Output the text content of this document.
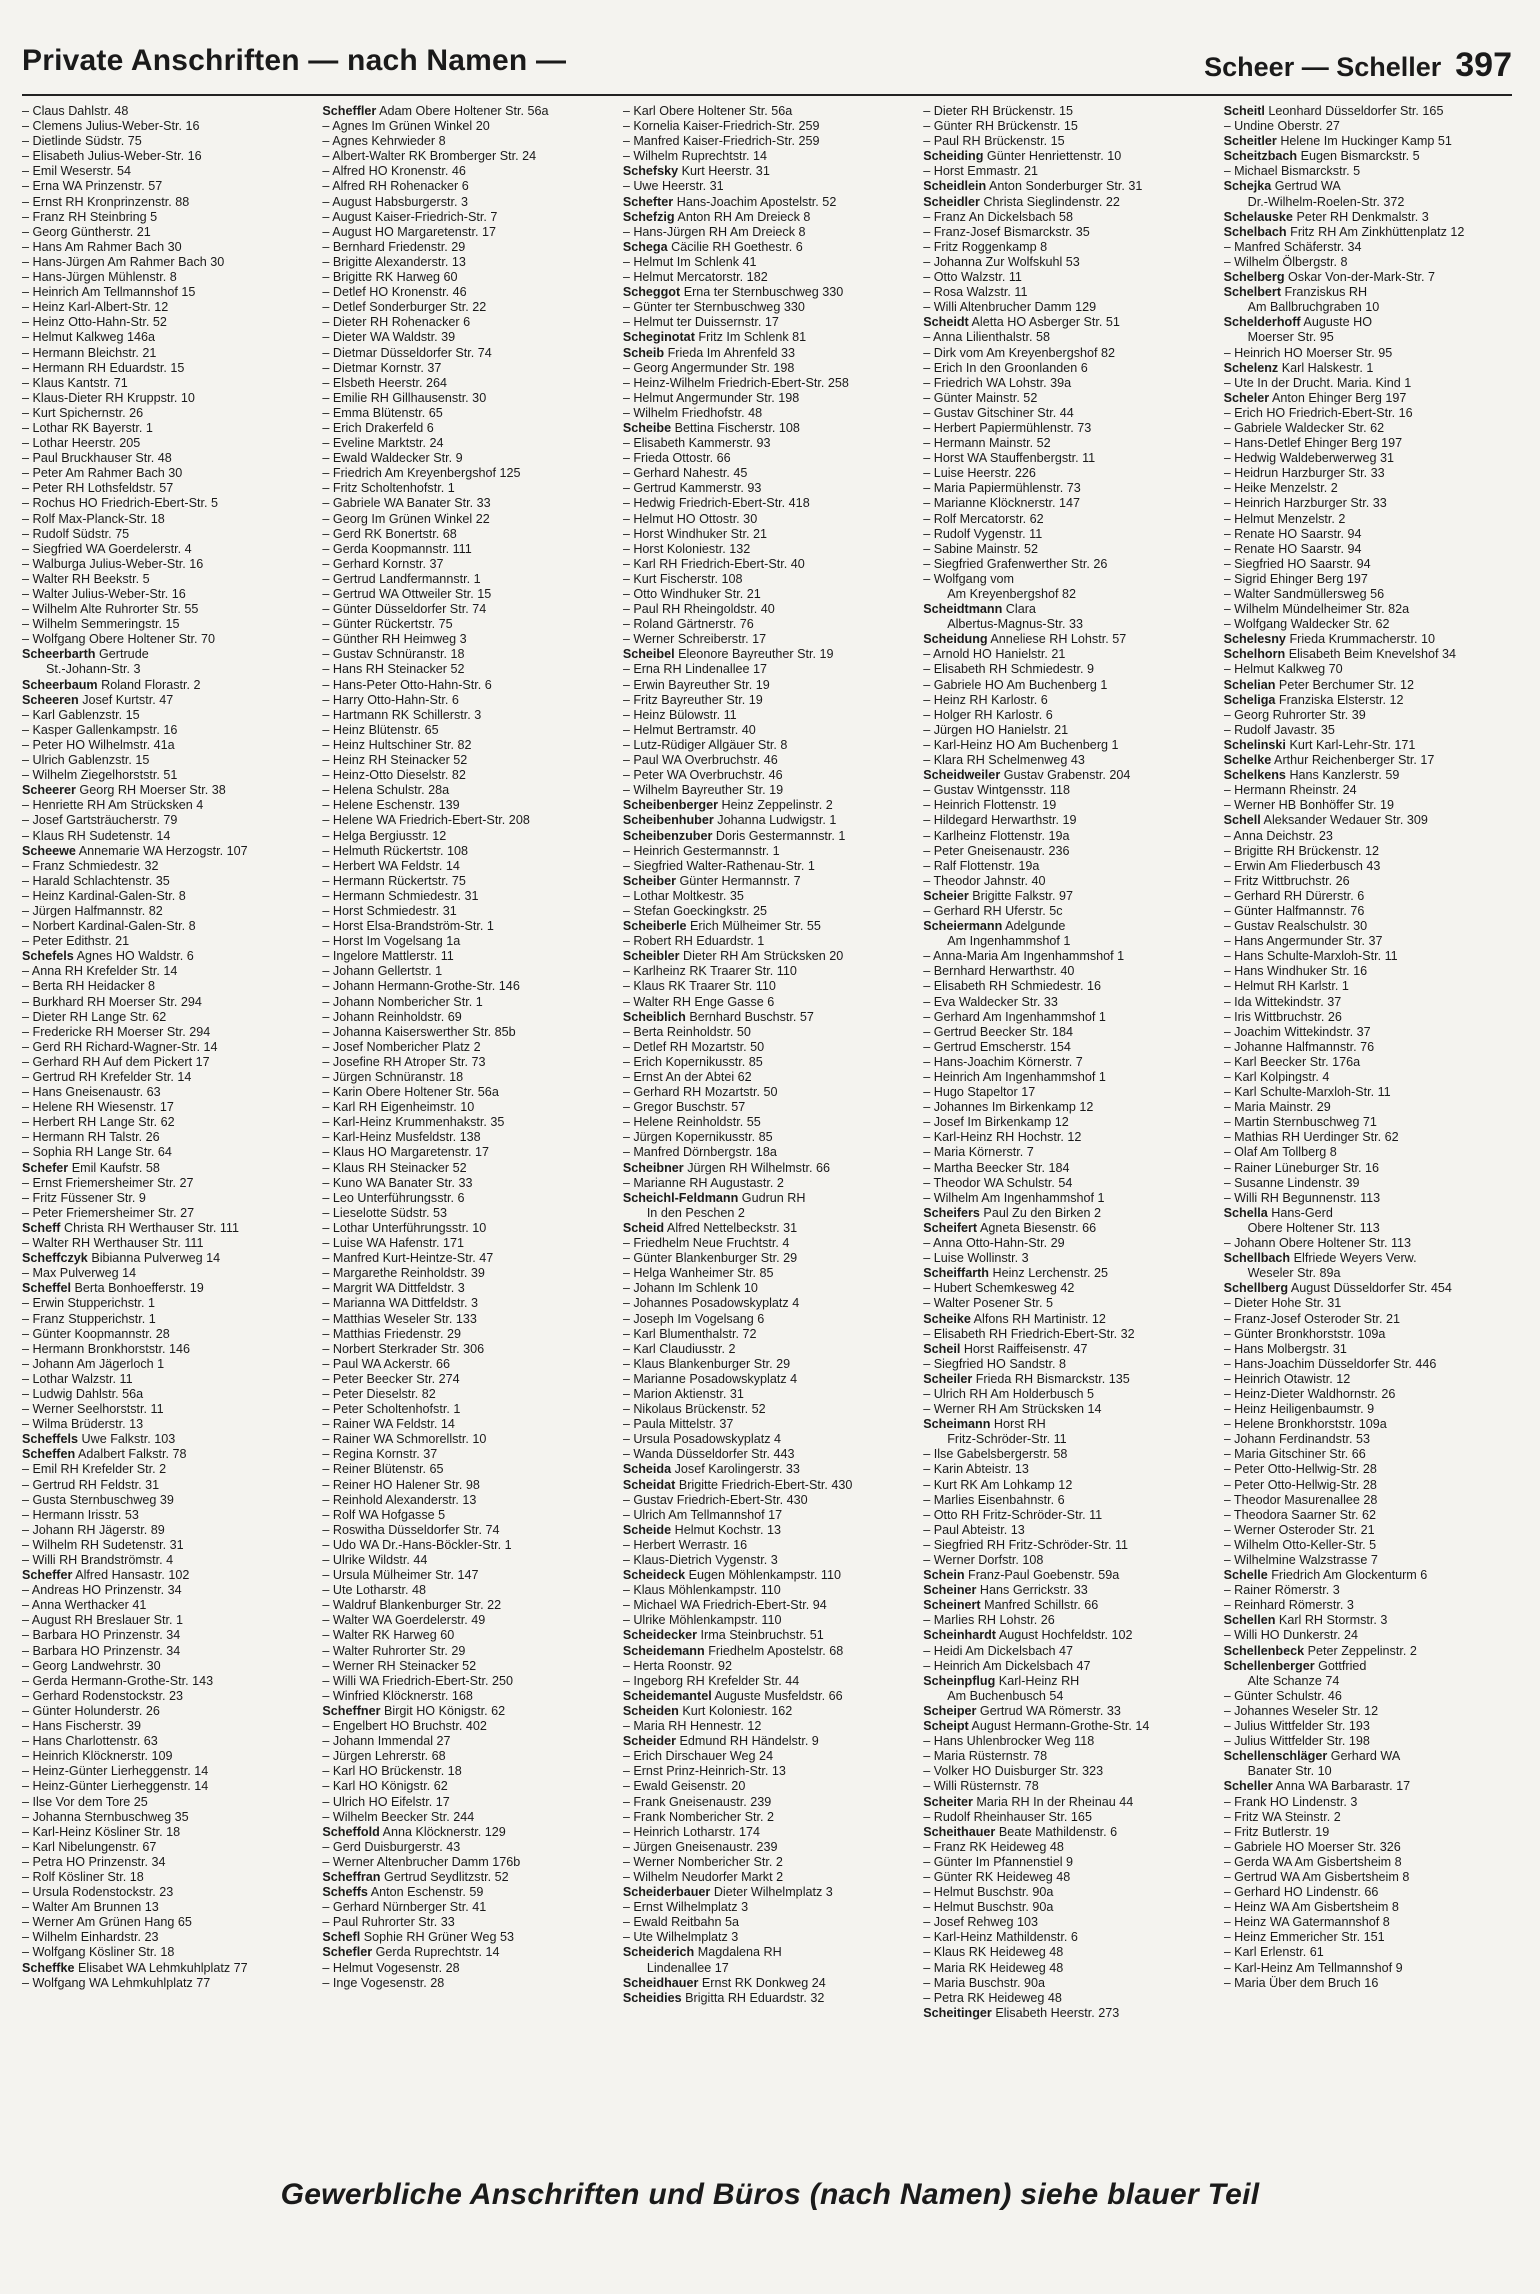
Private Anschriften — nach Namen —	Scheer — Scheller 397
– Claus Dahlstr. 48
– Clemens Julius-Weber-Str. 16
– Dietlinde Südstr. 75
– Elisabeth Julius-Weber-Str. 16
– Emil Weserstr. 54
– Erna WA Prinzenstr. 57
– Ernst RH Kronprinzenstr. 88
– Franz RH Steinbring 5
– Georg Güntherstr. 21
– Hans Am Rahmer Bach 30
– Hans-Jürgen Am Rahmer Bach 30
– Hans-Jürgen Mühlenstr. 8
– Heinrich Am Tellmannshof 15
– Heinz Karl-Albert-Str. 12
– Heinz Otto-Hahn-Str. 52
– Helmut Kalkweg 146a
– Hermann Bleichstr. 21
– Hermann RH Eduardstr. 15
– Klaus Kantstr. 71
– Klaus-Dieter RH Kruppstr. 10
– Kurt Spichernstr. 26
– Lothar RK Bayerstr. 1
– Lothar Heerstr. 205
– Paul Bruckhauser Str. 48
– Peter Am Rahmer Bach 30
– Peter RH Lothsfeldstr. 57
– Rochus HO Friedrich-Ebert-Str. 5
– Rolf Max-Planck-Str. 18
– Rudolf Südstr. 75
– Siegfried WA Goerdelerstr. 4
– Walburga Julius-Weber-Str. 16
– Walter RH Beekstr. 5
– Walter Julius-Weber-Str. 16
– Wilhelm Alte Ruhrorter Str. 55
– Wilhelm Semmeringstr. 15
– Wolfgang Obere Holtener Str. 70
Scheerbarth Gertrude
St.-Johann-Str. 3
Scheerbaum Roland Florastr. 2
Scheeren Josef Kurtstr. 47
– Karl Gablenzstr. 15
– Kasper Gallenkampstr. 16
– Peter HO Wilhelmstr. 41a
– Ulrich Gablenzstr. 15
– Wilhelm Ziegelhorststr. 51
Scheerer Georg RH Moerser Str. 38
– Henriette RH Am Strücksken 4
– Josef Gartsträucherstr. 79
– Klaus RH Sudetenstr. 14
Scheewe Annemarie WA Herzogstr. 107
– Franz Schmiedestr. 32
– Harald Schlachtenstr. 35
– Heinz Kardinal-Galen-Str. 8
– Jürgen Halfmannstr. 82
– Norbert Kardinal-Galen-Str. 8
– Peter Edithstr. 21
Schefels Agnes HO Waldstr. 6
– Anna RH Krefelder Str. 14
– Berta RH Heidacker 8
– Burkhard RH Moerser Str. 294
– Dieter RH Lange Str. 62
– Fredericke RH Moerser Str. 294
– Gerd RH Richard-Wagner-Str. 14
– Gerhard RH Auf dem Pickert 17
– Gertrud RH Krefelder Str. 14
– Hans Gneisenaustr. 63
– Helene RH Wiesenstr. 17
– Herbert RH Lange Str. 62
– Hermann RH Talstr. 26
– Sophia RH Lange Str. 64
Schefer Emil Kaufstr. 58
– Ernst Friemersheimer Str. 27
– Fritz Füssener Str. 9
– Peter Friemersheimer Str. 27
Scheff Christa RH Werthauser Str. 111
– Walter RH Werthauser Str. 111
Scheffczyk Bibianna Pulverweg 14
– Max Pulverweg 14
Scheffel Berta Bonhoefferstr. 19
– Erwin Stupperichstr. 1
– Franz Stupperichstr. 1
– Günter Koopmannstr. 28
– Hermann Bronkhorststr. 146
– Johann Am Jägerloch 1
– Lothar Walzstr. 11
– Ludwig Dahlstr. 56a
– Werner Seelhorststr. 11
– Wilma Brüderstr. 13
Scheffels Uwe Falkstr. 103
Scheffen Adalbert Falkstr. 78
– Emil RH Krefelder Str. 2
– Gertrud RH Feldstr. 31
– Gusta Sternbuschweg 39
– Hermann Irisstr. 53
– Johann RH Jägerstr. 89
– Wilhelm RH Sudetenstr. 31
– Willi RH Brandströmstr. 4
Scheffer Alfred Hansastr. 102
– Andreas HO Prinzenstr. 34
– Anna Werthacker 41
– August RH Breslauer Str. 1
– Barbara HO Prinzenstr. 34
– Barbara HO Prinzenstr. 34
– Georg Landwehrstr. 30
– Gerda Hermann-Grothe-Str. 143
– Gerhard Rodenstockstr. 23
– Günter Holunderstr. 26
– Hans Fischerstr. 39
– Hans Charlottenstr. 63
– Heinrich Klöcknerstr. 109
– Heinz-Günter Lierheggenstr. 14
– Heinz-Günter Lierheggenstr. 14
– Ilse Vor dem Tore 25
– Johanna Sternbuschweg 35
– Karl-Heinz Kösliner Str. 18
– Karl Nibelungenstr. 67
– Petra HO Prinzenstr. 34
– Rolf Kösliner Str. 18
– Ursula Rodenstockstr. 23
– Walter Am Brunnen 13
– Werner Am Grünen Hang 65
– Wilhelm Einhardstr. 23
– Wolfgang Kösliner Str. 18
Scheffke Elisabet WA Lehmkuhlplatz 77
– Wolfgang WA Lehmkuhlplatz 77
Scheffler Adam Obere Holtener Str. 56a
– Agnes Im Grünen Winkel 20
– Agnes Kehrwieder 8
– Albert-Walter RK Bromberger Str. 24
– Alfred HO Kronenstr. 46
– Alfred RH Rohenacker 6
– August Habsburgerstr. 3
– August Kaiser-Friedrich-Str. 7
– August HO Margaretenstr. 17
– Bernhard Friedenstr. 29
– Brigitte Alexanderstr. 13
– Brigitte RK Harweg 60
– Detlef HO Kronenstr. 46
– Detlef Sonderburger Str. 22
– Dieter RH Rohenacker 6
– Dieter WA Waldstr. 39
– Dietmar Düsseldorfer Str. 74
– Dietmar Kornstr. 37
– Elsbeth Heerstr. 264
– Emilie RH Gillhausenstr. 30
– Emma Blütenstr. 65
– Erich Drakerfeld 6
– Eveline Marktstr. 24
– Ewald Waldecker Str. 9
– Friedrich Am Kreyenbergshof 125
– Fritz Scholtenhofstr. 1
– Gabriele WA Banater Str. 33
– Georg Im Grünen Winkel 22
– Gerd RK Bonertstr. 68
– Gerda Koopmannstr. 111
– Gerhard Kornstr. 37
– Gertrud Landfermannstr. 1
– Gertrud WA Ottweiler Str. 15
– Günter Düsseldorfer Str. 74
– Günter Rückertstr. 75
– Günther RH Heimweg 3
– Gustav Schnüranstr. 18
– Hans RH Steinacker 52
– Hans-Peter Otto-Hahn-Str. 6
– Harry Otto-Hahn-Str. 6
– Hartmann RK Schillerstr. 3
– Heinz Blütenstr. 65
– Heinz Hultschiner Str. 82
– Heinz RH Steinacker 52
– Heinz-Otto Dieselstr. 82
– Helena Schulstr. 28a
– Helene Eschenstr. 139
– Helene WA Friedrich-Ebert-Str. 208
– Helga Bergiusstr. 12
– Helmuth Rückertstr. 108
– Herbert WA Feldstr. 14
– Hermann Rückertstr. 75
– Hermann Schmiedestr. 31
– Horst Schmiedestr. 31
– Horst Elsa-Brandström-Str. 1
– Horst Im Vogelsang 1a
– Ingelore Mattlerstr. 11
– Johann Gellertstr. 1
– Johann Hermann-Grothe-Str. 146
– Johann Nombericher Str. 1
– Johann Reinholdstr. 69
– Johanna Kaiserswerther Str. 85b
– Josef Nombericher Platz 2
– Josefine RH Atroper Str. 73
– Jürgen Schnüranstr. 18
– Karin Obere Holtener Str. 56a
– Karl RH Eigenheimstr. 10
– Karl-Heinz Krummenhakstr. 35
– Karl-Heinz Musfeldstr. 138
– Klaus HO Margaretenstr. 17
– Klaus RH Steinacker 52
– Kuno WA Banater Str. 33
– Leo Unterführungsstr. 6
– Lieselotte Südstr. 53
– Lothar Unterführungsstr. 10
– Luise WA Hafenstr. 171
– Manfred Kurt-Heintze-Str. 47
– Margarethe Reinholdstr. 39
– Margrit WA Dittfeldstr. 3
– Marianna WA Dittfeldstr. 3
– Matthias Weseler Str. 133
– Matthias Friedenstr. 29
– Norbert Sterkrader Str. 306
– Paul WA Ackerstr. 66
– Peter Beecker Str. 274
– Peter Dieselstr. 82
– Peter Scholtenhofstr. 1
– Rainer WA Feldstr. 14
– Rainer WA Schmorellstr. 10
– Regina Kornstr. 37
– Reiner Blütenstr. 65
– Reiner HO Halener Str. 98
– Reinhold Alexanderstr. 13
– Rolf WA Hofgasse 5
– Roswitha Düsseldorfer Str. 74
– Udo WA Dr.-Hans-Böckler-Str. 1
– Ulrike Wildstr. 44
– Ursula Mülheimer Str. 147
– Ute Lotharstr. 48
– Waldruf Blankenburger Str. 22
– Walter WA Goerdelerstr. 49
– Walter RK Harweg 60
– Walter Ruhrorter Str. 29
– Werner RH Steinacker 52
– Willi WA Friedrich-Ebert-Str. 250
– Winfried Klöcknerstr. 168
Scheffner Birgit HO Königstr. 62
– Engelbert HO Bruchstr. 402
– Johann Immendal 27
– Jürgen Lehrerstr. 68
– Karl HO Brückenstr. 18
– Karl HO Königstr. 62
– Ulrich HO Eifelstr. 17
– Wilhelm Beecker Str. 244
Scheffold Anna Klöcknerstr. 129
– Gerd Duisburgerstr. 43
– Werner Altenbrucher Damm 176b
Scheffran Gertrud Seydlitzstr. 52
Scheffs Anton Eschenstr. 59
– Gerhard Nürnberger Str. 41
– Paul Ruhrorter Str. 33
Schefl Sophie RH Grüner Weg 53
Schefler Gerda Ruprechtstr. 14
– Helmut Vogesenstr. 28
– Inge Vogesenstr. 28
– Karl Obere Holtener Str. 56a
– Kornelia Kaiser-Friedrich-Str. 259
– Manfred Kaiser-Friedrich-Str. 259
– Wilhelm Ruprechtstr. 14
Schefsky Kurt Heerstr. 31
– Uwe Heerstr. 31
Schefter Hans-Joachim Apostelstr. 52
Schefzig Anton RH Am Dreieck 8
– Hans-Jürgen RH Am Dreieck 8
Schega Cäcilie RH Goethestr. 6
– Helmut Im Schlenk 41
– Helmut Mercatorstr. 182
Scheggot Erna ter Sternbuschweg 330
– Günter ter Sternbuschweg 330
– Helmut ter Duissernstr. 17
Scheginotat Fritz Im Schlenk 81
Scheib Frieda Im Ahrenfeld 33
– Georg Angermunder Str. 198
– Heinz-Wilhelm Friedrich-Ebert-Str. 258
– Helmut Angermunder Str. 198
– Wilhelm Friedhofstr. 48
Scheibe Bettina Fischerstr. 108
– Elisabeth Kammerstr. 93
– Frieda Ottostr. 66
– Gerhard Nahestr. 45
– Gertrud Kammerstr. 93
– Hedwig Friedrich-Ebert-Str. 418
– Helmut HO Ottostr. 30
– Horst Windhuker Str. 21
– Horst Koloniestr. 132
– Karl RH Friedrich-Ebert-Str. 40
– Kurt Fischerstr. 108
– Otto Windhuker Str. 21
– Paul RH Rheingoldstr. 40
– Roland Gärtnerstr. 76
– Werner Schreiberstr. 17
Scheibel Eleonore Bayreuther Str. 19
– Erna RH Lindenallee 17
– Erwin Bayreuther Str. 19
– Fritz Bayreuther Str. 19
– Heinz Bülowstr. 11
– Helmut Bertramstr. 40
– Lutz-Rüdiger Allgäuer Str. 8
– Paul WA Overbruchstr. 46
– Peter WA Overbruchstr. 46
– Wilhelm Bayreuther Str. 19
Scheibenberger Heinz Zeppelinstr. 2
Scheibenhuber Johanna Ludwigstr. 1
Scheibenzuber Doris Gestermannstr. 1
– Heinrich Gestermannstr. 1
– Siegfried Walter-Rathenau-Str. 1
Scheiber Günter Hermannstr. 7
– Lothar Moltkestr. 35
– Stefan Goeckingkstr. 25
Scheiberle Erich Mülheimer Str. 55
– Robert RH Eduardstr. 1
Scheibler Dieter RH Am Strücksken 20
– Karlheinz RK Traarer Str. 110
– Klaus RK Traarer Str. 110
– Walter RH Enge Gasse 6
Scheiblich Bernhard Buschstr. 57
– Berta Reinholdstr. 50
– Detlef RH Mozartstr. 50
– Erich Kopernikusstr. 85
– Ernst An der Abtei 62
– Gerhard RH Mozartstr. 50
– Gregor Buschstr. 57
– Helene Reinholdstr. 55
– Jürgen Kopernikusstr. 85
– Manfred Dörnbergstr. 18a
Scheibner Jürgen RH Wilhelmstr. 66
– Marianne RH Augustastr. 2
Scheichl-Feldmann Gudrun RH
In den Peschen 2
Scheid Alfred Nettelbeckstr. 31
– Friedhelm Neue Fruchtstr. 4
– Günter Blankenburger Str. 29
– Helga Wanheimer Str. 85
– Johann Im Schlenk 10
– Johannes Posadowskyplatz 4
– Joseph Im Vogelsang 6
– Karl Blumenthalstr. 72
– Karl Claudiusstr. 2
– Klaus Blankenburger Str. 29
– Marianne Posadowskyplatz 4
– Marion Aktienstr. 31
– Nikolaus Brückenstr. 52
– Paula Mittelstr. 37
– Ursula Posadowskyplatz 4
– Wanda Düsseldorfer Str. 443
Scheida Josef Karolingerstr. 33
Scheidat Brigitte Friedrich-Ebert-Str. 430
– Gustav Friedrich-Ebert-Str. 430
– Ulrich Am Tellmannshof 17
Scheide Helmut Kochstr. 13
– Herbert Werrastr. 16
– Klaus-Dietrich Vygenstr. 3
Scheideck Eugen Möhlenkampstr. 110
– Klaus Möhlenkampstr. 110
– Michael WA Friedrich-Ebert-Str. 94
– Ulrike Möhlenkampstr. 110
Scheidecker Irma Steinbruchstr. 51
Scheidemann Friedhelm Apostelstr. 68
– Herta Roonstr. 92
– Ingeborg RH Krefelder Str. 44
Scheidemantel Auguste Musfeldstr. 66
Scheiden Kurt Koloniestr. 162
– Maria RH Hennestr. 12
Scheider Edmund RH Händelstr. 9
– Erich Dirschauer Weg 24
– Ernst Prinz-Heinrich-Str. 13
– Ewald Geisenstr. 20
– Frank Gneisenaustr. 239
– Frank Nombericher Str. 2
– Heinrich Lotharstr. 174
– Jürgen Gneisenaustr. 239
– Werner Nombericher Str. 2
– Wilhelm Neudorfer Markt 2
Scheiderbauer Dieter Wilhelmplatz 3
– Ernst Wilhelmplatz 3
– Ewald Reitbahn 5a
– Ute Wilhelmplatz 3
Scheiderich Magdalena RH
Lindenallee 17
Scheidhauer Ernst RK Donkweg 24
Scheidies Brigitta RH Eduardstr. 32
– Dieter RH Brückenstr. 15
– Günter RH Brückenstr. 15
– Paul RH Brückenstr. 15
Scheiding Günter Henriettenstr. 10
– Horst Emmastr. 21
Scheidlein Anton Sonderburger Str. 31
Scheidler Christa Sieglindenstr. 22
– Franz An Dickelsbach 58
– Franz-Josef Bismarckstr. 35
– Fritz Roggenkamp 8
– Johanna Zur Wolfskuhl 53
– Otto Walzstr. 11
– Rosa Walzstr. 11
– Willi Altenbrucher Damm 129
Scheidt Aletta HO Asberger Str. 51
– Anna Lilienthalstr. 58
– Dirk vom Am Kreyenbergshof 82
– Erich In den Groonlanden 6
– Friedrich WA Lohstr. 39a
– Günter Mainstr. 52
– Gustav Gitschiner Str. 44
– Herbert Papiermühlenstr. 73
– Hermann Mainstr. 52
– Horst WA Stauffenbergstr. 11
– Luise Heerstr. 226
– Maria Papiermühlenstr. 73
– Marianne Klöcknerstr. 147
– Rolf Mercatorstr. 62
– Rudolf Vygenstr. 11
– Sabine Mainstr. 52
– Siegfried Grafenwerther Str. 26
– Wolfgang vom
Am Kreyenbergshof 82
Scheidtmann Clara
Albertus-Magnus-Str. 33
Scheidung Anneliese RH Lohstr. 57
– Arnold HO Hanielstr. 21
– Elisabeth RH Schmiedestr. 9
– Gabriele HO Am Buchenberg 1
– Heinz RH Karlostr. 6
– Holger RH Karlostr. 6
– Jürgen HO Hanielstr. 21
– Karl-Heinz HO Am Buchenberg 1
– Klara RH Schelmenweg 43
Scheidweiler Gustav Grabenstr. 204
– Gustav Wintgensstr. 118
– Heinrich Flottenstr. 19
– Hildegard Herwarthstr. 19
– Karlheinz Flottenstr. 19a
– Peter Gneisenaustr. 236
– Ralf Flottenstr. 19a
– Theodor Jahnstr. 40
Scheier Brigitte Falkstr. 97
– Gerhard RH Uferstr. 5c
Scheiermann Adelgunde
Am Ingenhammshof 1
– Anna-Maria Am Ingenhammshof 1
– Bernhard Herwarthstr. 40
– Elisabeth RH Schmiedestr. 16
– Eva Waldecker Str. 33
– Gerhard Am Ingenhammshof 1
– Gertrud Beecker Str. 184
– Gertrud Emscherstr. 154
– Hans-Joachim Körnerstr. 7
– Heinrich Am Ingenhammshof 1
– Hugo Stapeltor 17
– Johannes Im Birkenkamp 12
– Josef Im Birkenkamp 12
– Karl-Heinz RH Hochstr. 12
– Maria Körnerstr. 7
– Martha Beecker Str. 184
– Theodor WA Schulstr. 54
– Wilhelm Am Ingenhammshof 1
Scheifers Paul Zu den Birken 2
Scheifert Agneta Biesenstr. 66
– Anna Otto-Hahn-Str. 29
– Luise Wollinstr. 3
Scheiffarth Heinz Lerchenstr. 25
– Hubert Schemkesweg 42
– Walter Posener Str. 5
Scheike Alfons RH Martinistr. 12
– Elisabeth RH Friedrich-Ebert-Str. 32
Scheil Horst Raiffeisenstr. 47
– Siegfried HO Sandstr. 8
Scheiler Frieda RH Bismarckstr. 135
– Ulrich RH Am Holderbusch 5
– Werner RH Am Strücksken 14
Scheimann Horst RH
Fritz-Schröder-Str. 11
– Ilse Gabelsbergerstr. 58
– Karin Abteistr. 13
– Kurt RK Am Lohkamp 12
– Marlies Eisenbahnstr. 6
– Otto RH Fritz-Schröder-Str. 11
– Paul Abteistr. 13
– Siegfried RH Fritz-Schröder-Str. 11
– Werner Dorfstr. 108
Schein Franz-Paul Goebenstr. 59a
Scheiner Hans Gerrickstr. 33
Scheinert Manfred Schillstr. 66
– Marlies RH Lohstr. 26
Scheinhardt August Hochfeldstr. 102
– Heidi Am Dickelsbach 47
– Heinrich Am Dickelsbach 47
Scheinpflug Karl-Heinz RH
Am Buchenbusch 54
Scheiper Gertrud WA Römerstr. 33
Scheipt August Hermann-Grothe-Str. 14
– Hans Uhlenbrocker Weg 118
– Maria Rüsternstr. 78
– Volker HO Duisburger Str. 323
– Willi Rüsternstr. 78
Scheiter Maria RH In der Rheinau 44
– Rudolf Rheinhauser Str. 165
Scheithauer Beate Mathildenstr. 6
– Franz RK Heideweg 48
– Günter Im Pfannenstiel 9
– Günter RK Heideweg 48
– Helmut Buschstr. 90a
– Helmut Buschstr. 90a
– Josef Rehweg 103
– Karl-Heinz Mathildenstr. 6
– Klaus RK Heideweg 48
– Maria RK Heideweg 48
– Maria Buschstr. 90a
– Petra RK Heideweg 48
Scheitinger Elisabeth Heerstr. 273
Scheitl Leonhard Düsseldorfer Str. 165
– Undine Oberstr. 27
Scheitler Helene Im Huckinger Kamp 51
Scheitzbach Eugen Bismarckstr. 5
– Michael Bismarckstr. 5
Schejka Gertrud WA
Dr.-Wilhelm-Roelen-Str. 372
Schelauske Peter RH Denkmalstr. 3
Schelbach Fritz RH Am Zinkhüttenplatz 12
– Manfred Schäferstr. 34
– Wilhelm Ölbergstr. 8
Schelberg Oskar Von-der-Mark-Str. 7
Schelbert Franziskus RH
Am Ballbruchgraben 10
Schelderhoff Auguste HO
Moerser Str. 95
– Heinrich HO Moerser Str. 95
Schelenz Karl Halskestr. 1
– Ute In der Drucht. Maria. Kind 1
Scheler Anton Ehinger Berg 197
– Erich HO Friedrich-Ebert-Str. 16
– Gabriele Waldecker Str. 62
– Hans-Detlef Ehinger Berg 197
– Hedwig Waldeberwerweg 31
– Heidrun Harzburger Str. 33
– Heike Menzelstr. 2
– Heinrich Harzburger Str. 33
– Helmut Menzelstr. 2
– Renate HO Saarstr. 94
– Renate HO Saarstr. 94
– Siegfried HO Saarstr. 94
– Sigrid Ehinger Berg 197
– Walter Sandmüllersweg 56
– Wilhelm Mündelheimer Str. 82a
– Wolfgang Waldecker Str. 62
Schelesny Frieda Krummacherstr. 10
Schelhorn Elisabeth Beim Knevelshof 34
– Helmut Kalkweg 70
Schelian Peter Berchumer Str. 12
Scheliga Franziska Elsterstr. 12
– Georg Ruhrorter Str. 39
– Rudolf Javastr. 35
Schelinski Kurt Karl-Lehr-Str. 171
Schelke Arthur Reichenberger Str. 17
Schelkens Hans Kanzlerstr. 59
– Hermann Rheinstr. 24
– Werner HB Bonhöffer Str. 19
Schell Aleksander Wedauer Str. 309
– Anna Deichstr. 23
– Brigitte RH Brückenstr. 12
– Erwin Am Fliederbusch 43
– Fritz Wittbruchstr. 26
– Gerhard RH Dürerstr. 6
– Günter Halfmannstr. 76
– Gustav Realschulstr. 30
– Hans Angermunder Str. 37
– Hans Schulte-Marxloh-Str. 11
– Hans Windhuker Str. 16
– Helmut RH Karlstr. 1
– Ida Wittekindstr. 37
– Iris Wittbruchstr. 26
– Joachim Wittekindstr. 37
– Johanne Halfmannstr. 76
– Karl Beecker Str. 176a
– Karl Kolpingstr. 4
– Karl Schulte-Marxloh-Str. 11
– Maria Mainstr. 29
– Martin Sternbuschweg 71
– Mathias RH Uerdinger Str. 62
– Olaf Am Tollberg 8
– Rainer Lüneburger Str. 16
– Susanne Lindenstr. 39
– Willi RH Begunnenstr. 113
Schella Hans-Gerd
Obere Holtener Str. 113
– Johann Obere Holtener Str. 113
Schellbach Elfriede Weyers Verw.
Weseler Str. 89a
Schellberg August Düsseldorfer Str. 454
– Dieter Hohe Str. 31
– Franz-Josef Osteroder Str. 21
– Günter Bronkhorststr. 109a
– Hans Molbergstr. 31
– Hans-Joachim Düsseldorfer Str. 446
– Heinrich Otawistr. 12
– Heinz-Dieter Waldhornstr. 26
– Heinz Heiligenbaumstr. 9
– Helene Bronkhorststr. 109a
– Johann Ferdinandstr. 53
– Maria Gitschiner Str. 66
– Peter Otto-Hellwig-Str. 28
– Peter Otto-Hellwig-Str. 28
– Theodor Masurenallee 28
– Theodora Saarner Str. 62
– Werner Osteroder Str. 21
– Wilhelm Otto-Keller-Str. 5
– Wilhelmine Walzstrasse 7
Schelle Friedrich Am Glockenturm 6
– Rainer Römerstr. 3
– Reinhard Römerstr. 3
Schellen Karl RH Stormstr. 3
– Willi HO Dunkerstr. 24
Schellenbeck Peter Zeppelinstr. 2
Schellenberger Gottfried
Alte Schanze 74
– Günter Schulstr. 46
– Johannes Weseler Str. 12
– Julius Wittfelder Str. 193
– Julius Wittfelder Str. 198
Schellenschläger Gerhard WA
Banater Str. 10
Scheller Anna WA Barbarastr. 17
– Frank HO Lindenstr. 3
– Fritz WA Steinstr. 2
– Fritz Butlerstr. 19
– Gabriele HO Moerser Str. 326
– Gerda WA Am Gisbertsheim 8
– Gertrud WA Am Gisbertsheim 8
– Gerhard HO Lindenstr. 66
– Heinz WA Am Gisbertsheim 8
– Heinz WA Gatermannshof 8
– Heinz Emmericher Str. 151
– Karl Erlenstr. 61
– Karl-Heinz Am Tellmannshof 9
– Maria Über dem Bruch 16
Gewerbliche Anschriften und Büros (nach Namen) siehe blauer Teil
